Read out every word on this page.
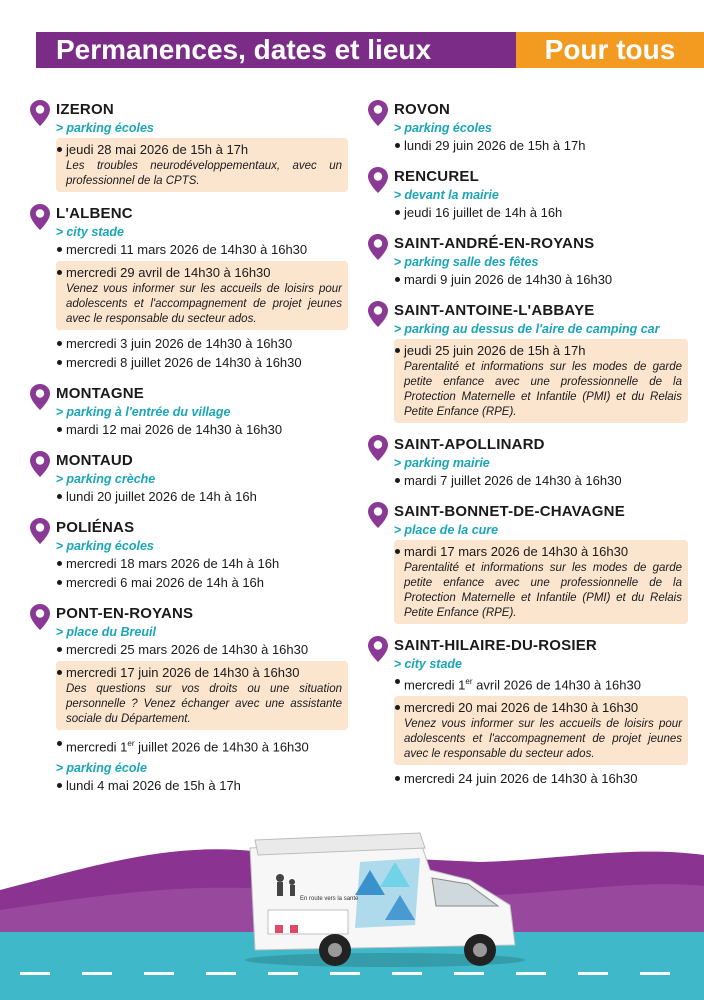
Permanences, dates et lieux	Pour tous
IZERON
> parking écoles
jeudi 28 mai 2026 de 15h à 17h
Les troubles neurodéveloppementaux, avec un professionnel de la CPTS.
L'ALBENC
> city stade
mercredi 11 mars 2026 de 14h30 à 16h30
mercredi 29 avril de 14h30 à 16h30
Venez vous informer sur les accueils de loisirs pour adolescents et l'accompagnement de projet jeunes avec le responsable du secteur ados.
mercredi 3 juin 2026 de 14h30 à 16h30
mercredi 8 juillet 2026 de 14h30 à 16h30
MONTAGNE
> parking à l'entrée du village
mardi 12 mai 2026 de 14h30 à 16h30
MONTAUD
> parking crèche
lundi 20 juillet 2026 de 14h à 16h
POLIÉNAS
> parking écoles
mercredi 18 mars 2026 de 14h à 16h
mercredi 6 mai 2026 de 14h à 16h
PONT-EN-ROYANS
> place du Breuil
mercredi 25 mars 2026 de 14h30 à 16h30
mercredi 17 juin 2026 de 14h30 à 16h30
Des questions sur vos droits ou une situation personnelle ? Venez échanger avec une assistante sociale du Département.
mercredi 1er juillet 2026 de 14h30 à 16h30
> parking école
lundi 4 mai 2026 de 15h à 17h
ROVON
> parking écoles
lundi 29 juin 2026 de 15h à 17h
RENCUREL
> devant la mairie
jeudi 16 juillet de 14h à 16h
SAINT-ANDRÉ-EN-ROYANS
> parking salle des fêtes
mardi 9 juin 2026 de 14h30 à 16h30
SAINT-ANTOINE-L'ABBAYE
> parking au dessus de l'aire de camping car
jeudi 25 juin 2026 de 15h à 17h
Parentalité et informations sur les modes de garde petite enfance avec une professionnelle de la Protection Maternelle et Infantile (PMI) et du Relais Petite Enfance (RPE).
SAINT-APOLLINARD
> parking mairie
mardi 7 juillet 2026 de 14h30 à 16h30
SAINT-BONNET-DE-CHAVAGNE
> place de la cure
mardi 17 mars 2026 de 14h30 à 16h30
Parentalité et informations sur les modes de garde petite enfance avec une professionnelle de la Protection Maternelle et Infantile (PMI) et du Relais Petite Enfance (RPE).
SAINT-HILAIRE-DU-ROSIER
> city stade
mercredi 1er avril 2026 de 14h30 à 16h30
mercredi 20 mai 2026 de 14h30 à 16h30
Venez vous informer sur les accueils de loisirs pour adolescents et l'accompagnement de projet jeunes avec le responsable du secteur ados.
mercredi 24 juin 2026 de 14h30 à 16h30
En route vers la santé
